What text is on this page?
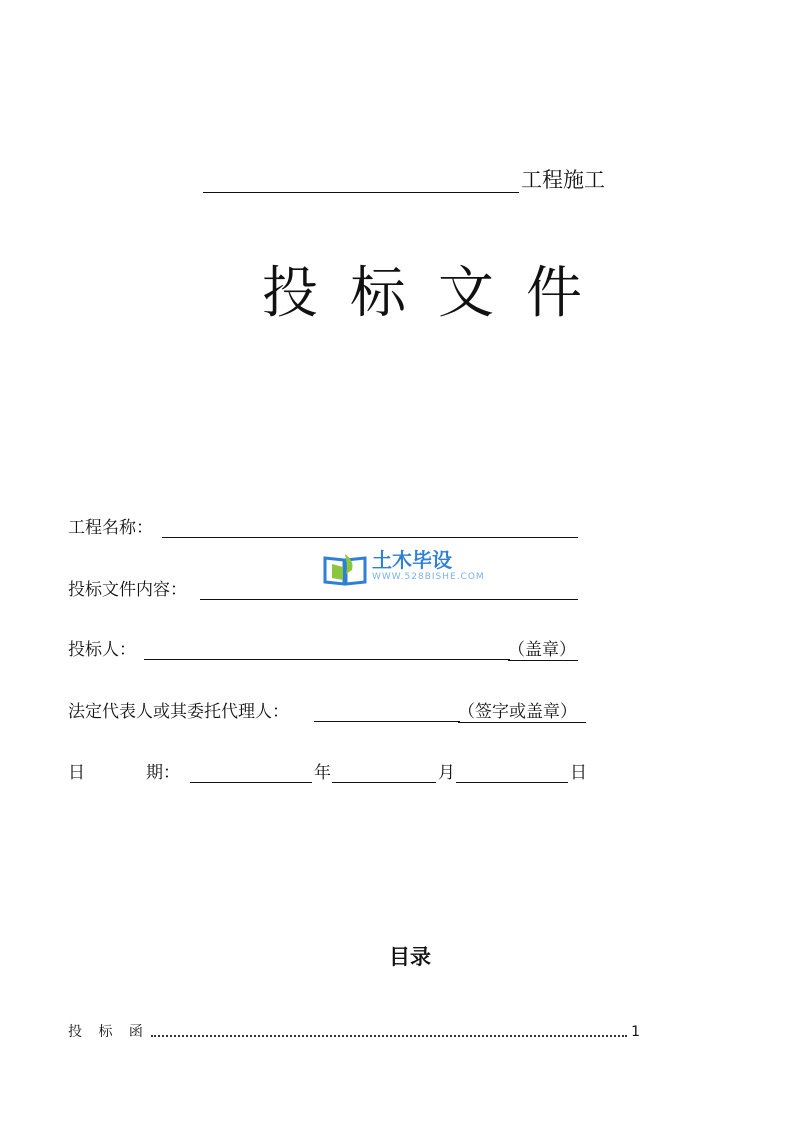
工程施工
投 标 文 件
工程名称：
土木毕设
WWW.528BISHE.COM
投标文件内容：
投标人：	（盖章）
法定代表人或其委托代理人：	（签字或盖章）
日	期：	年	月	日
目录
投 标 函	1
